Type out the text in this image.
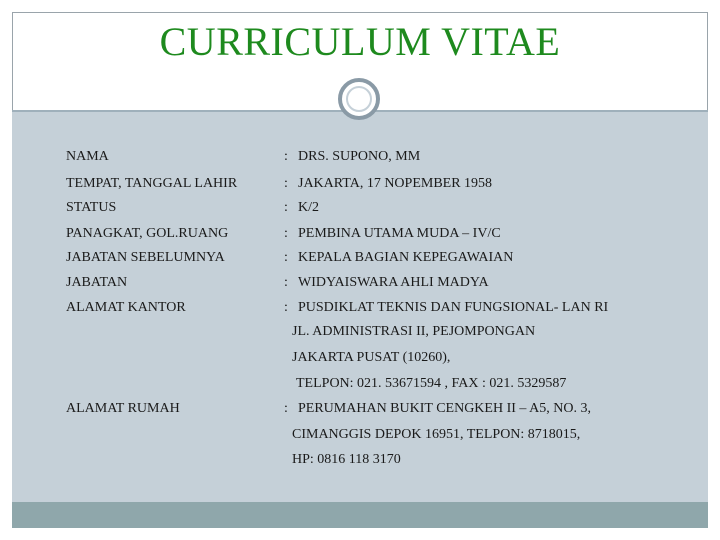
CURRICULUM VITAE
NAMA	: DRS. SUPONO, MM
TEMPAT, TANGGAL LAHIR	: JAKARTA, 17 NOPEMBER 1958
STATUS	: K/2
PANAGKAT, GOL.RUANG	: PEMBINA UTAMA MUDA – IV/C
JABATAN SEBELUMNYA	: KEPALA BAGIAN KEPEGAWAIAN
JABATAN	: WIDYAISWARA AHLI MADYA
ALAMAT KANTOR	: PUSDIKLAT TEKNIS DAN FUNGSIONAL- LAN RI
JL. ADMINISTRASI II, PEJOMPONGAN
JAKARTA PUSAT (10260),
TELPON: 021. 53671594 , FAX : 021. 5329587
ALAMAT RUMAH	: PERUMAHAN BUKIT CENGKEH II – A5, NO. 3,
CIMANGGIS DEPOK 16951, TELPON: 8718015,
HP: 0816 118 3170
